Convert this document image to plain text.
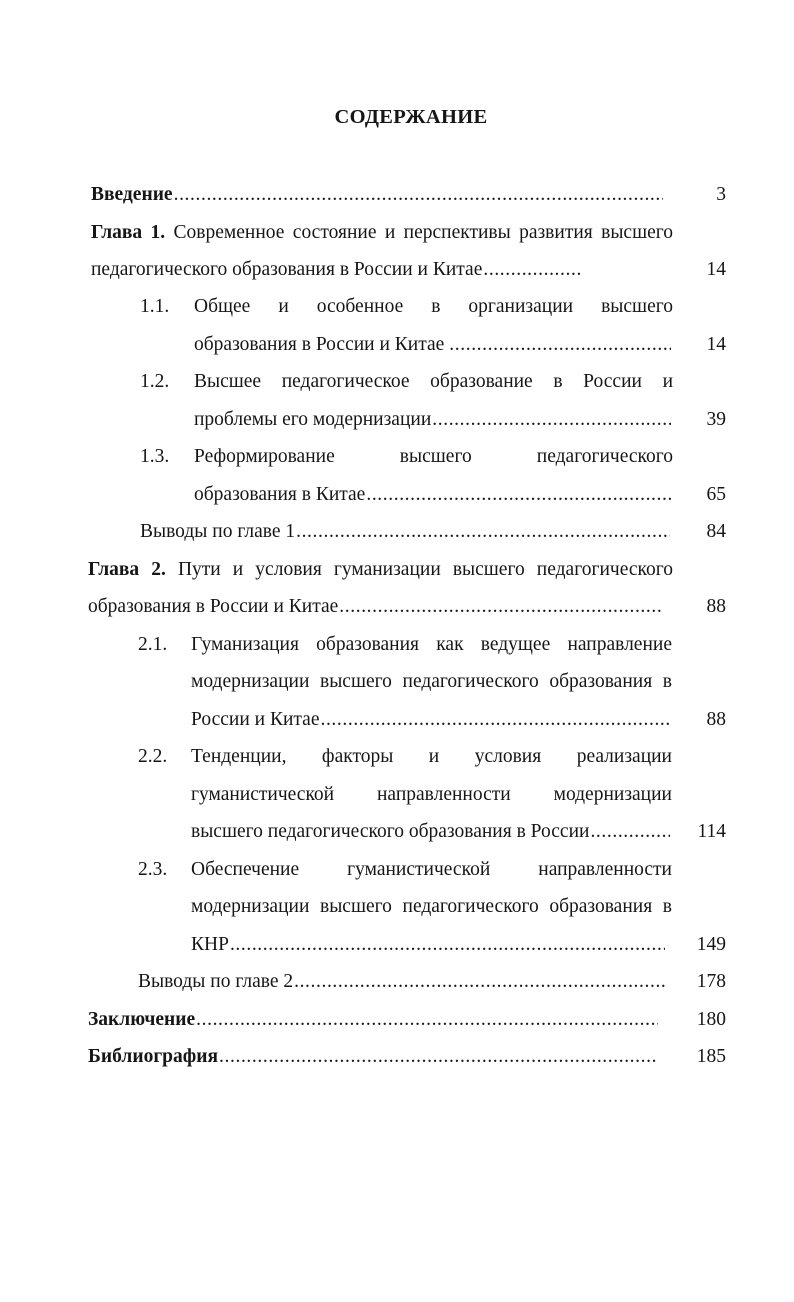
СОДЕРЖАНИЕ
Введение .....	3
Глава 1. Современное состояние и перспективы развития высшего
педагогического образования в России и Китае .....	14
1.1. Общее и особенное в организации высшего
образования в России и Китае .....	14
1.2. Высшее педагогическое образование в России и
проблемы его модернизации .....	39
1.3. Реформирование высшего педагогического
образования в Китае .....	65
Выводы по главе 1 .....	84
Глава 2. Пути и условия гуманизации высшего педагогического
образования в России и Китае .....	88
2.1. Гуманизация образования как ведущее направление
модернизации высшего педагогического образования в
России и Китае .....	88
2.2. Тенденции, факторы и условия реализации
гуманистической направленности модернизации
высшего педагогического образования в России .....	114
2.3. Обеспечение гуманистической направленности
модернизации высшего педагогического образования в
КНР .....	149
Выводы по главе 2 .....	178
Заключение .....	180
Библиография .....	185
